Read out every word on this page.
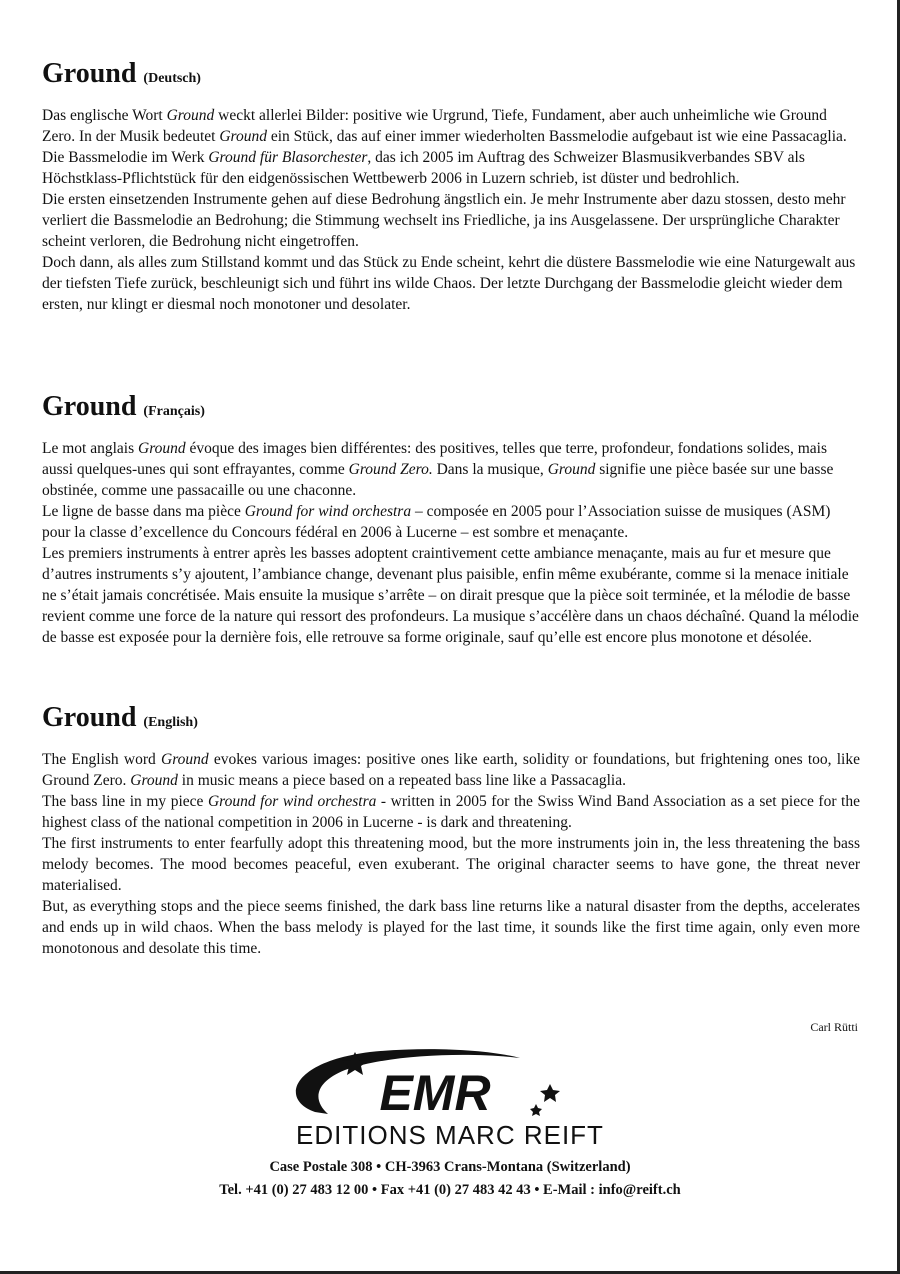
Ground (Deutsch)

Das englische Wort Ground weckt allerlei Bilder: positive wie Urgrund, Tiefe, Fundament, aber auch unheimliche wie Ground Zero. In der Musik bedeutet Ground ein Stück, das auf einer immer wiederholten Bassmelodie aufgebaut ist wie eine Passacaglia.

Die Bassmelodie im Werk Ground für Blasorchester, das ich 2005 im Auftrag des Schweizer Blasmusikverbandes SBV als Höchstklass-Pflichtstück für den eidgenössischen Wettbewerb 2006 in Luzern schrieb, ist düster und bedrohlich.

Die ersten einsetzenden Instrumente gehen auf diese Bedrohung ängstlich ein. Je mehr Instrumente aber dazu stossen, desto mehr verliert die Bassmelodie an Bedrohung; die Stimmung wechselt ins Friedliche, ja ins Ausgelassene. Der ursprüngliche Charakter scheint verloren, die Bedrohung nicht eingetroffen.

Doch dann, als alles zum Stillstand kommt und das Stück zu Ende scheint, kehrt die düstere Bassmelodie wie eine Naturgewalt aus der tiefsten Tiefe zurück, beschleunigt sich und führt ins wilde Chaos. Der letzte Durchgang der Bassmelodie gleicht wieder dem ersten, nur klingt er diesmal noch monotoner und desolater.

Ground (Français)

Le mot anglais Ground évoque des images bien différentes: des positives, telles que terre, profondeur, fondations solides, mais aussi quelques-unes qui sont effrayantes, comme Ground Zero. Dans la musique, Ground signifie une pièce basée sur une basse obstinée, comme une passacaille ou une chaconne.

Le ligne de basse dans ma pièce Ground for wind orchestra – composée en 2005 pour l’Association suisse de musiques (ASM) pour la classe d’excellence du Concours fédéral en 2006 à Lucerne – est sombre et menaçante.

Les premiers instruments à entrer après les basses adoptent craintivement cette ambiance menaçante, mais au fur et mesure que d’autres instruments s’y ajoutent, l’ambiance change, devenant plus paisible, enfin même exubérante, comme si la menace initiale ne s’était jamais concrétisée. Mais ensuite la musique s’arrête – on dirait presque que la pièce soit terminée, et la mélodie de basse revient comme une force de la nature qui ressort des profondeurs. La musique s’accélère dans un chaos déchaîné. Quand la mélodie de basse est exposée pour la dernière fois, elle retrouve sa forme originale, sauf qu’elle est encore plus monotone et désolée.

Ground (English)

The English word Ground evokes various images: positive ones like earth, solidity or foundations, but frightening ones too, like Ground Zero. Ground in music means a piece based on a repeated bass line like a Passacaglia.

The bass line in my piece Ground for wind orchestra - written in 2005 for the Swiss Wind Band Association as a set piece for the highest class of the national competition in 2006 in Lucerne - is dark and threatening.

The first instruments to enter fearfully adopt this threatening mood, but the more instruments join in, the less threatening the bass melody becomes. The mood becomes peaceful, even exuberant. The original character seems to have gone, the threat never materialised.

But, as everything stops and the piece seems finished, the dark bass line returns like a natural disaster from the depths, accelerates and ends up in wild chaos. When the bass melody is played for the last time, it sounds like the first time again, only even more monotonous and desolate this time.

Carl Rütti
EMR
EDITIONS MARC REIFT
Case Postale 308 • CH-3963 Crans-Montana (Switzerland)
Tel. +41 (0) 27 483 12 00 • Fax +41 (0) 27 483 42 43 • E-Mail : info@reift.ch
